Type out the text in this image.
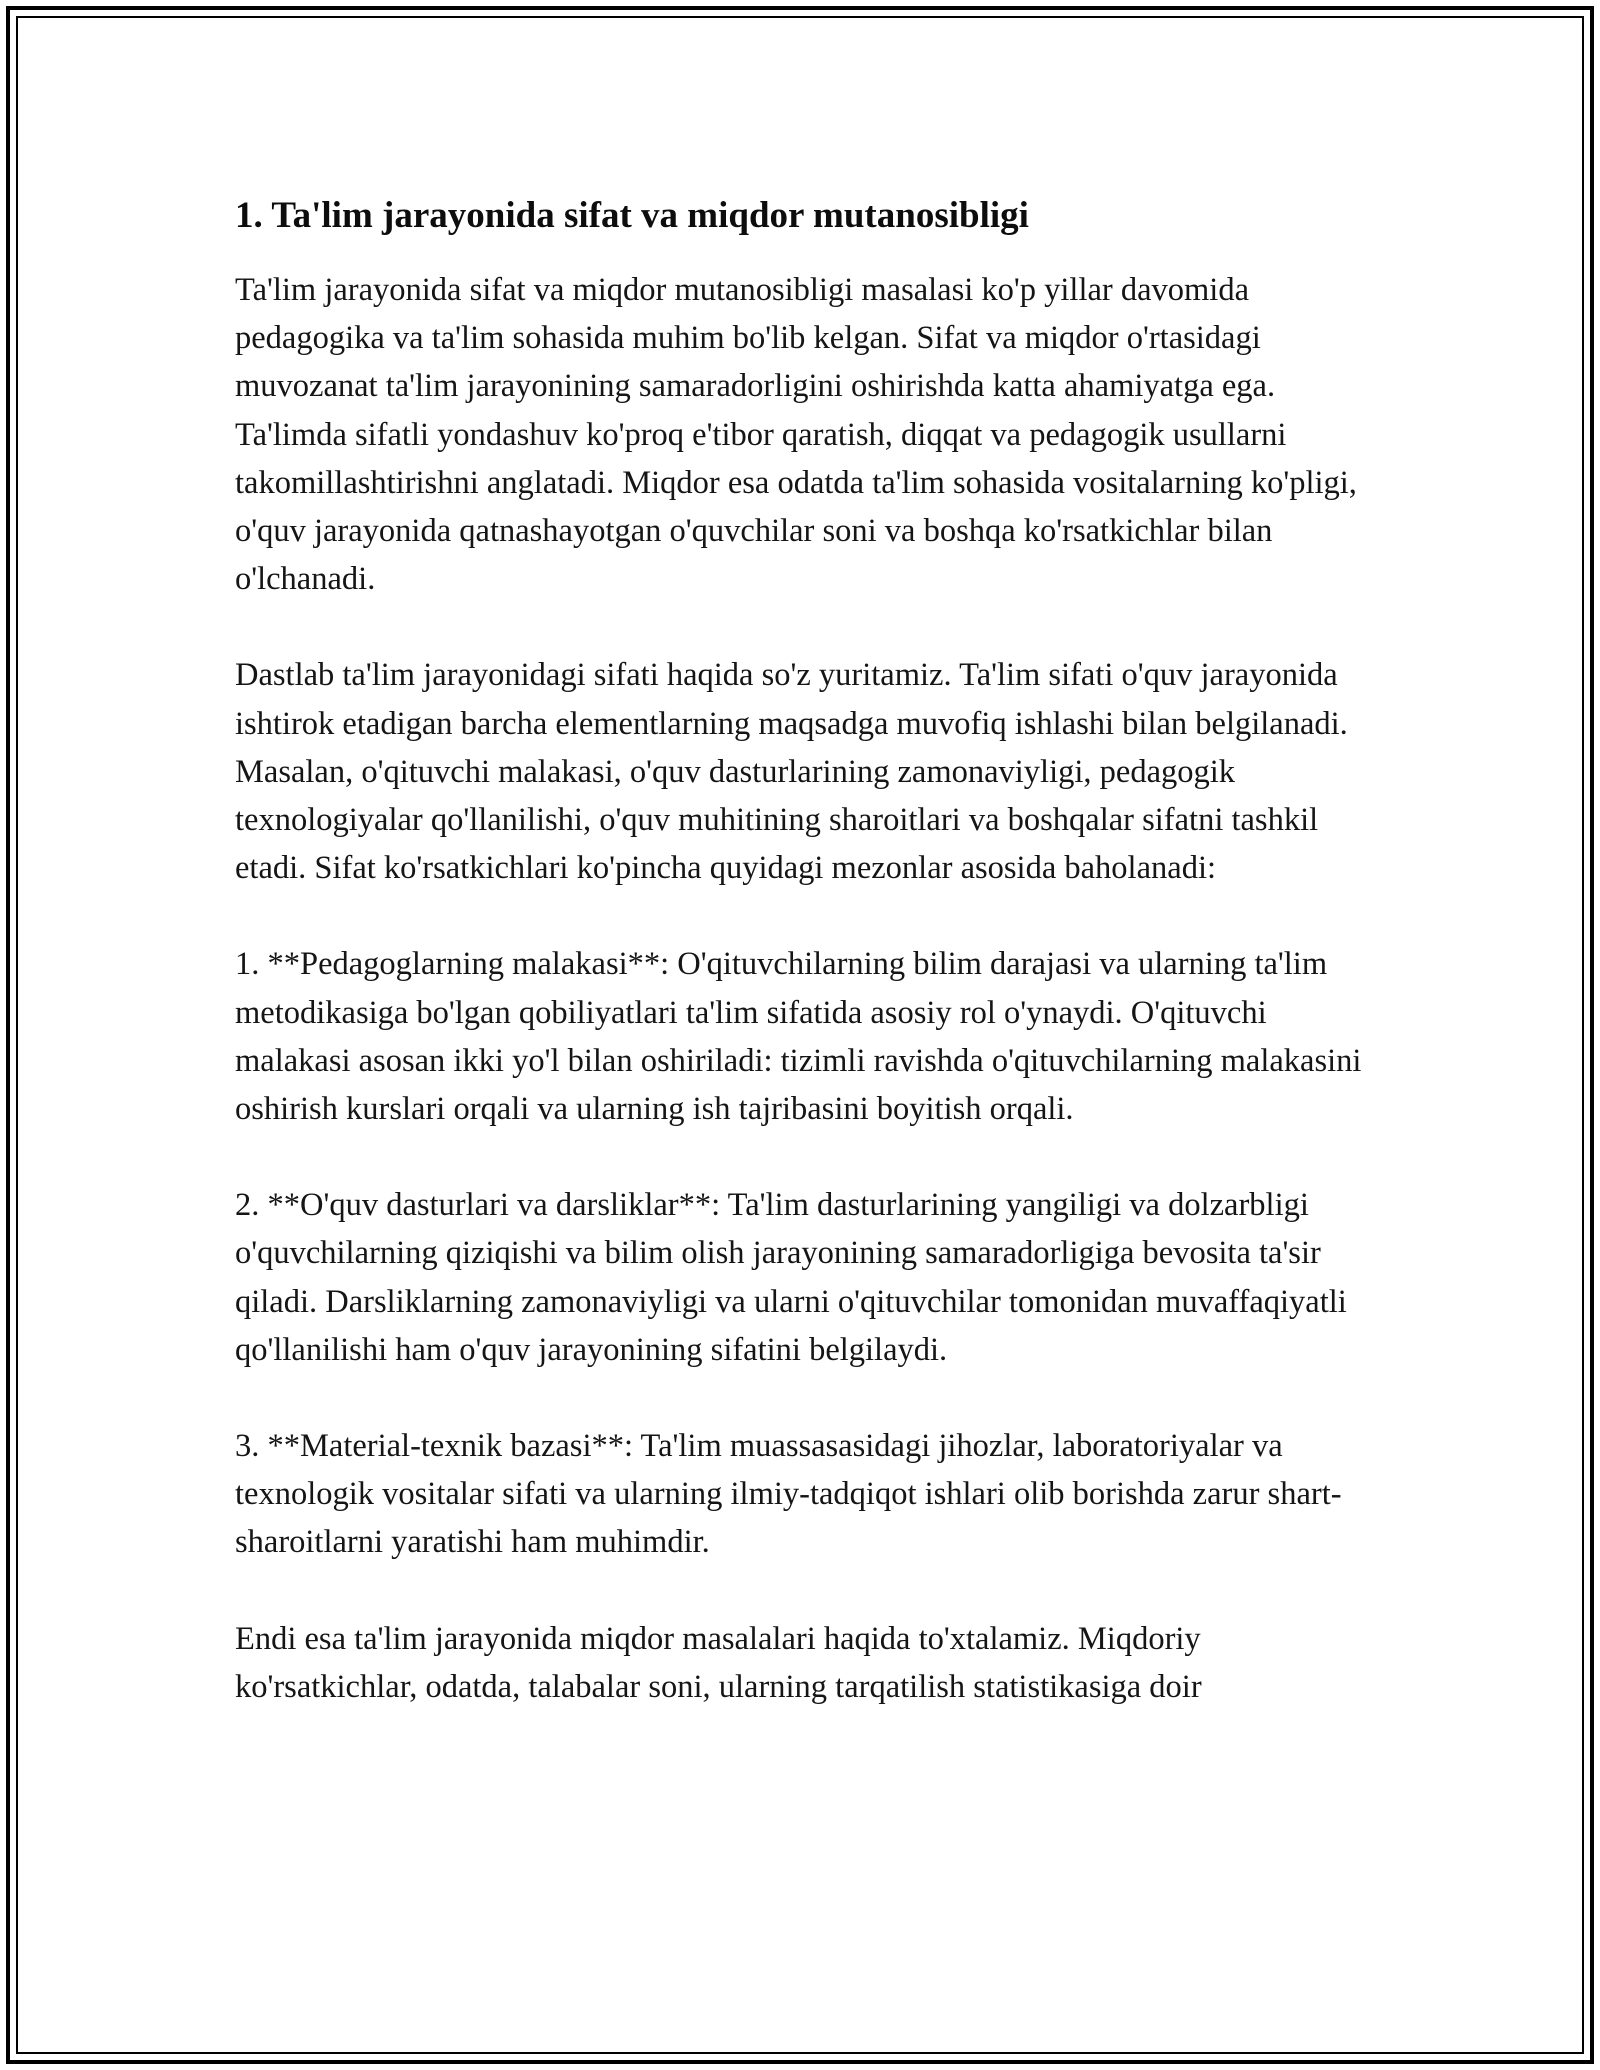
1. Ta'lim jarayonida sifat va miqdor mutanosibligi

Ta'lim jarayonida sifat va miqdor mutanosibligi masalasi ko'p yillar davomida pedagogika va ta'lim sohasida muhim bo'lib kelgan. Sifat va miqdor o'rtasidagi muvozanat ta'lim jarayonining samaradorligini oshirishda katta ahamiyatga ega. Ta'limda sifatli yondashuv ko'proq e'tibor qaratish, diqqat va pedagogik usullarni takomillashtirishni anglatadi. Miqdor esa odatda ta'lim sohasida vositalarning ko'pligi, o'quv jarayonida qatnashayotgan o'quvchilar soni va boshqa ko'rsatkichlar bilan o'lchanadi.

Dastlab ta'lim jarayonidagi sifati haqida so'z yuritamiz. Ta'lim sifati o'quv jarayonida ishtirok etadigan barcha elementlarning maqsadga muvofiq ishlashi bilan belgilanadi. Masalan, o'qituvchi malakasi, o'quv dasturlarining zamonaviyligi, pedagogik texnologiyalar qo'llanilishi, o'quv muhitining sharoitlari va boshqalar sifatni tashkil etadi. Sifat ko'rsatkichlari ko'pincha quyidagi mezonlar asosida baholanadi:

1. **Pedagoglarning malakasi**: O'qituvchilarning bilim darajasi va ularning ta'lim metodikasiga bo'lgan qobiliyatlari ta'lim sifatida asosiy rol o'ynaydi. O'qituvchi malakasi asosan ikki yo'l bilan oshiriladi: tizimli ravishda o'qituvchilarning malakasini oshirish kurslari orqali va ularning ish tajribasini boyitish orqali.

2. **O'quv dasturlari va darsliklar**: Ta'lim dasturlarining yangiligi va dolzarbligi o'quvchilarning qiziqishi va bilim olish jarayonining samaradorligiga bevosita ta'sir qiladi. Darsliklarning zamonaviyligi va ularni o'qituvchilar tomonidan muvaffaqiyatli qo'llanilishi ham o'quv jarayonining sifatini belgilaydi.

3. **Material-texnik bazasi**: Ta'lim muassasasidagi jihozlar, laboratoriyalar va texnologik vositalar sifati va ularning ilmiy-tadqiqot ishlari olib borishda zarur shart-sharoitlarni yaratishi ham muhimdir.

Endi esa ta'lim jarayonida miqdor masalalari haqida to'xtalamiz. Miqdoriy ko'rsatkichlar, odatda, talabalar soni, ularning tarqatilish statistikasiga doir
